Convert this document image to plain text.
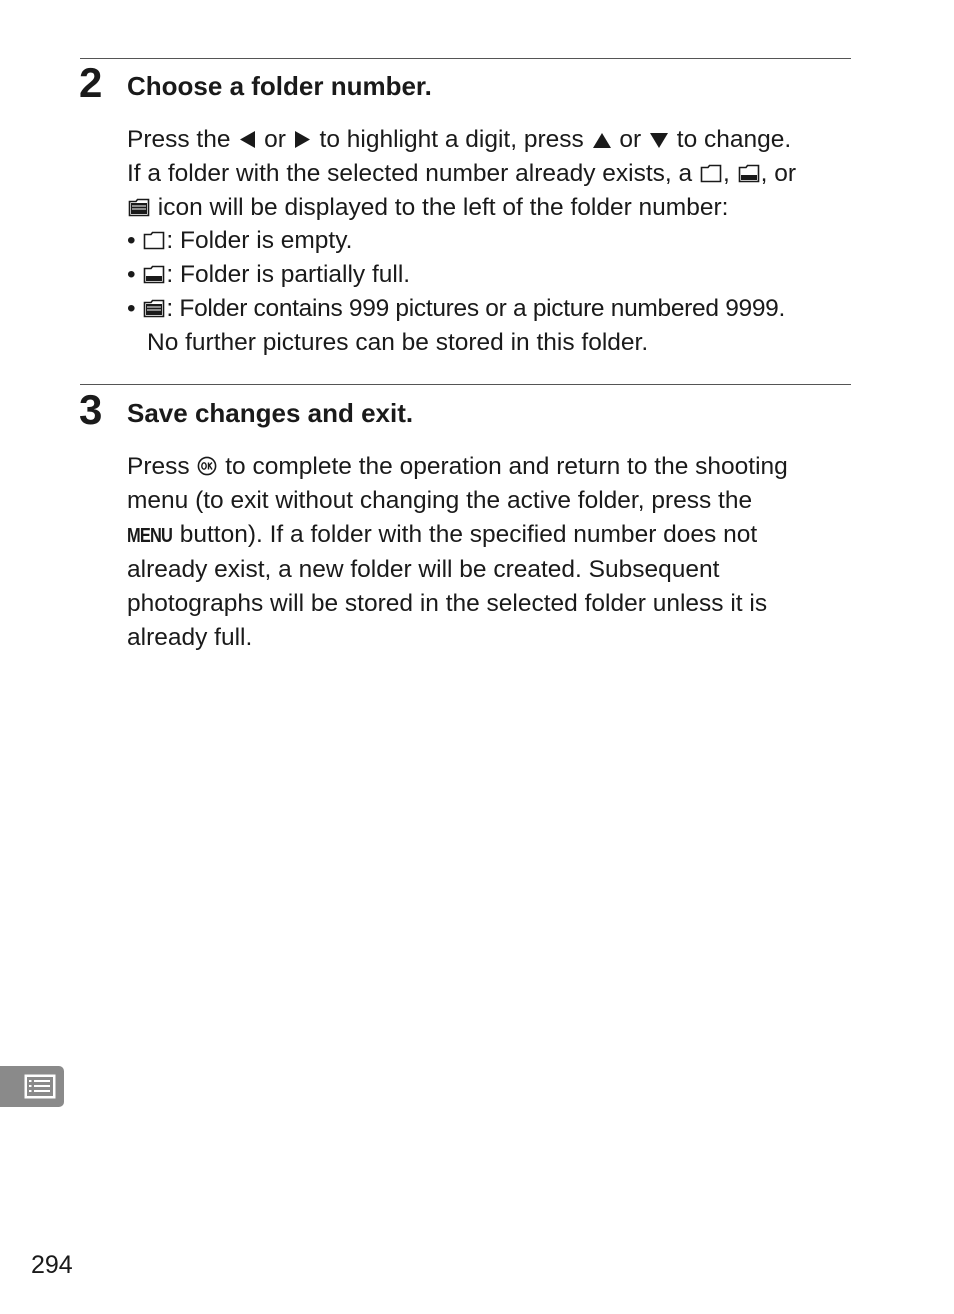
2 Choose a folder number.
Press the  or  to highlight a digit, press  or  to change.
If a folder with the selected number already exists, a , , or
icon will be displayed to the left of the folder number:
• : Folder is empty.
• : Folder is partially full.
• : Folder contains 999 pictures or a picture numbered 9999.
No further pictures can be stored in this folder.
3 Save changes and exit.
Press  to complete the operation and return to the shooting
menu (to exit without changing the active folder, press the
MENU button). If a folder with the specified number does not
already exist, a new folder will be created. Subsequent
photographs will be stored in the selected folder unless it is
already full.
294
